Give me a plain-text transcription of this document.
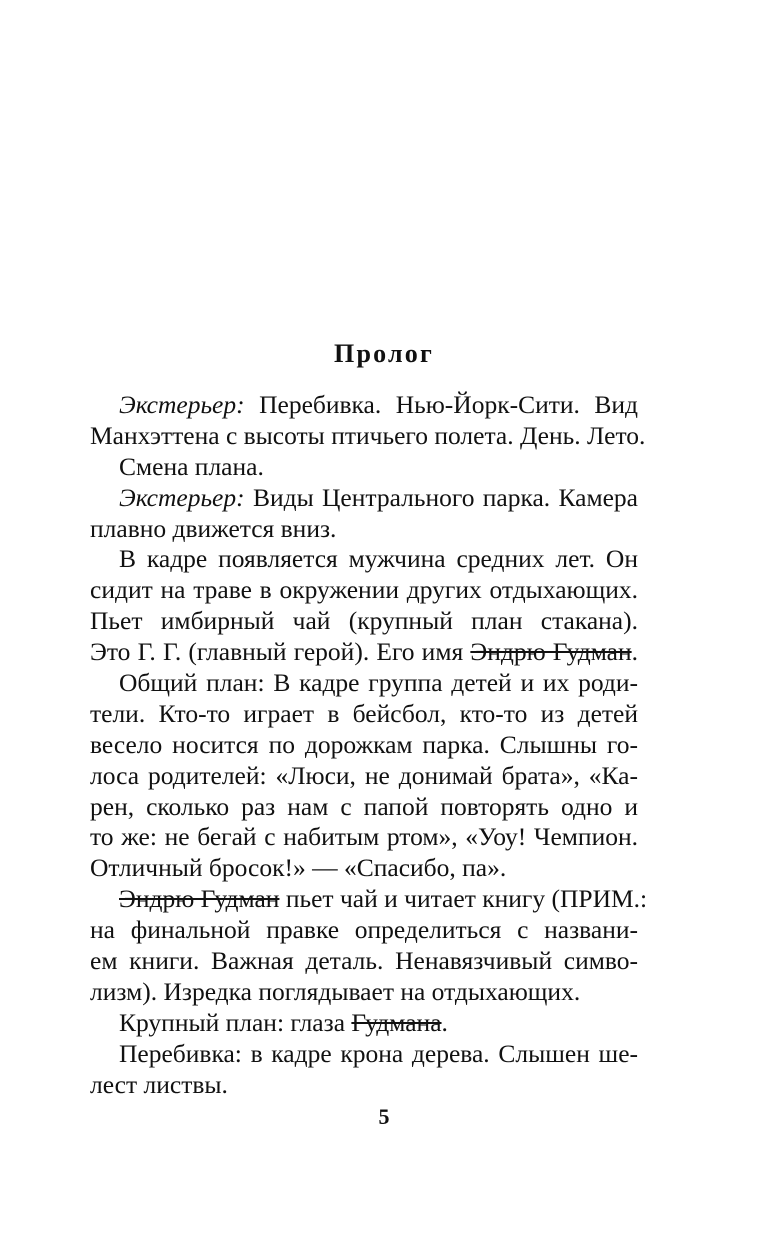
Пролог
Экстерьер: Перебивка. Нью-Йорк-Сити. Вид
Манхэттена с высоты птичьего полета. День. Лето.
Смена плана.
Экстерьер: Виды Центрального парка. Камера
плавно движется вниз.
В кадре появляется мужчина средних лет. Он
сидит на траве в окружении других отдыхающих.
Пьет имбирный чай (крупный план стакана).
Это Г. Г. (главный герой). Его имя Эндрю Гудман.
Общий план: В кадре группа детей и их роди-
тели. Кто-то играет в бейсбол, кто-то из детей
весело носится по дорожкам парка. Слышны го-
лоса родителей: «Люси, не донимай брата», «Ка-
рен, сколько раз нам с папой повторять одно и
то же: не бегай с набитым ртом», «Уоу! Чемпион.
Отличный бросок!» — «Спасибо, па».
Эндрю Гудман пьет чай и читает книгу (ПРИМ.:
на финальной правке определиться с названи-
ем книги. Важная деталь. Ненавязчивый симво-
лизм). Изредка поглядывает на отдыхающих.
Крупный план: глаза Гудмана.
Перебивка: в кадре крона дерева. Слышен ше-
лест листвы.
5
